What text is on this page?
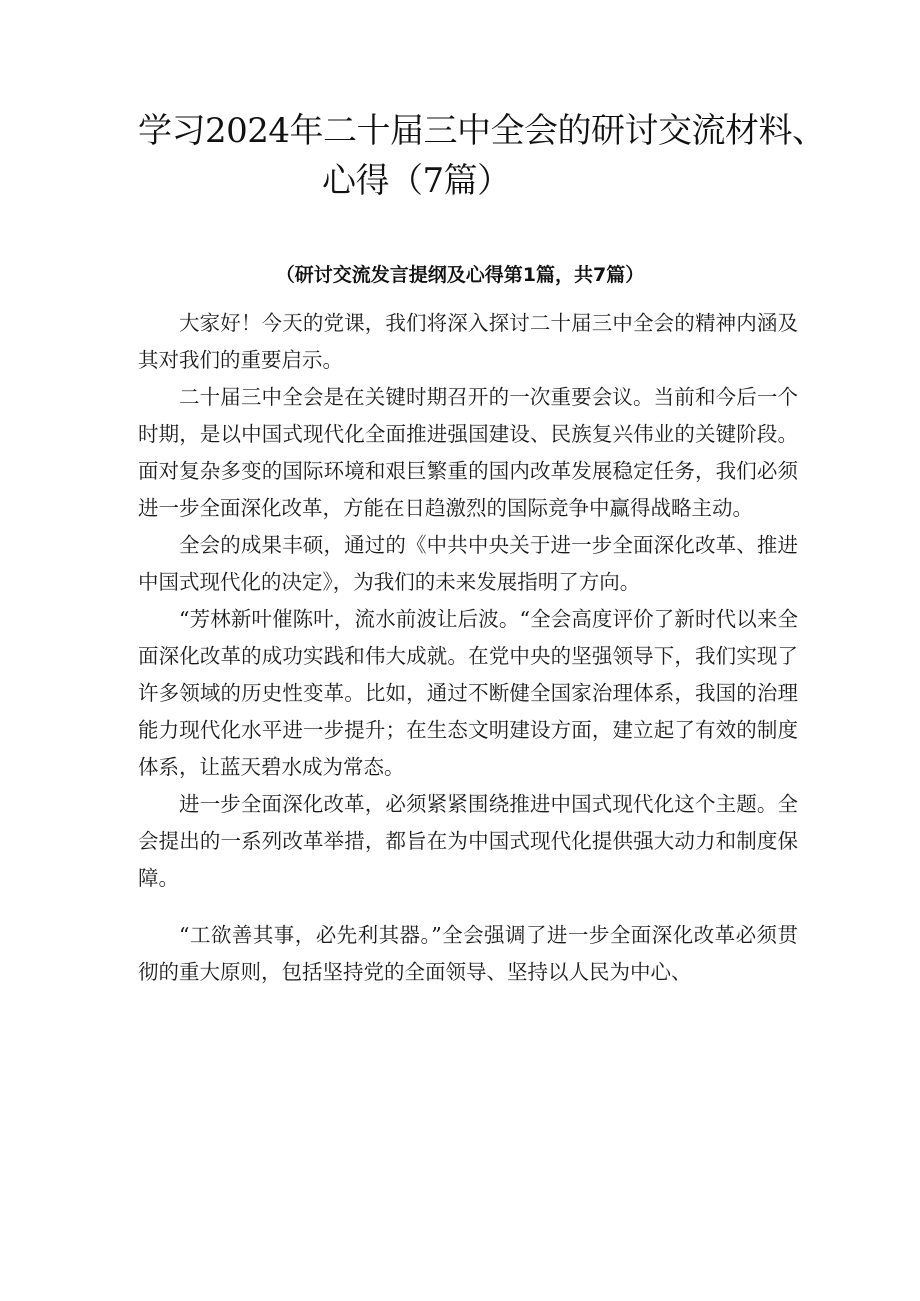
学习2024年二十届三中全会的研讨交流材料、
心得（7篇）
（研讨交流发言提纲及心得第1篇，共7篇）

大家好！今天的党课，我们将深入探讨二十届三中全会的精神内涵及其对我们的重要启示。

二十届三中全会是在关键时期召开的一次重要会议。当前和今后一个时期，是以中国式现代化全面推进强国建设、民族复兴伟业的关键阶段。面对复杂多变的国际环境和艰巨繁重的国内改革发展稳定任务，我们必须进一步全面深化改革，方能在日趋激烈的国际竞争中赢得战略主动。

全会的成果丰硕，通过的《中共中央关于进一步全面深化改革、推进中国式现代化的决定》，为我们的未来发展指明了方向。

“芳林新叶催陈叶，流水前波让后波。“全会高度评价了新时代以来全面深化改革的成功实践和伟大成就。在党中央的坚强领导下，我们实现了许多领域的历史性变革。比如，通过不断健全国家治理体系，我国的治理能力现代化水平进一步提升；在生态文明建设方面，建立起了有效的制度体系，让蓝天碧水成为常态。

进一步全面深化改革，必须紧紧围绕推进中国式现代化这个主题。全会提出的一系列改革举措，都旨在为中国式现代化提供强大动力和制度保障。

“工欲善其事，必先利其器。”全会强调了进一步全面深化改革必须贯彻的重大原则，包括坚持党的全面领导、坚持以人民为中心、
